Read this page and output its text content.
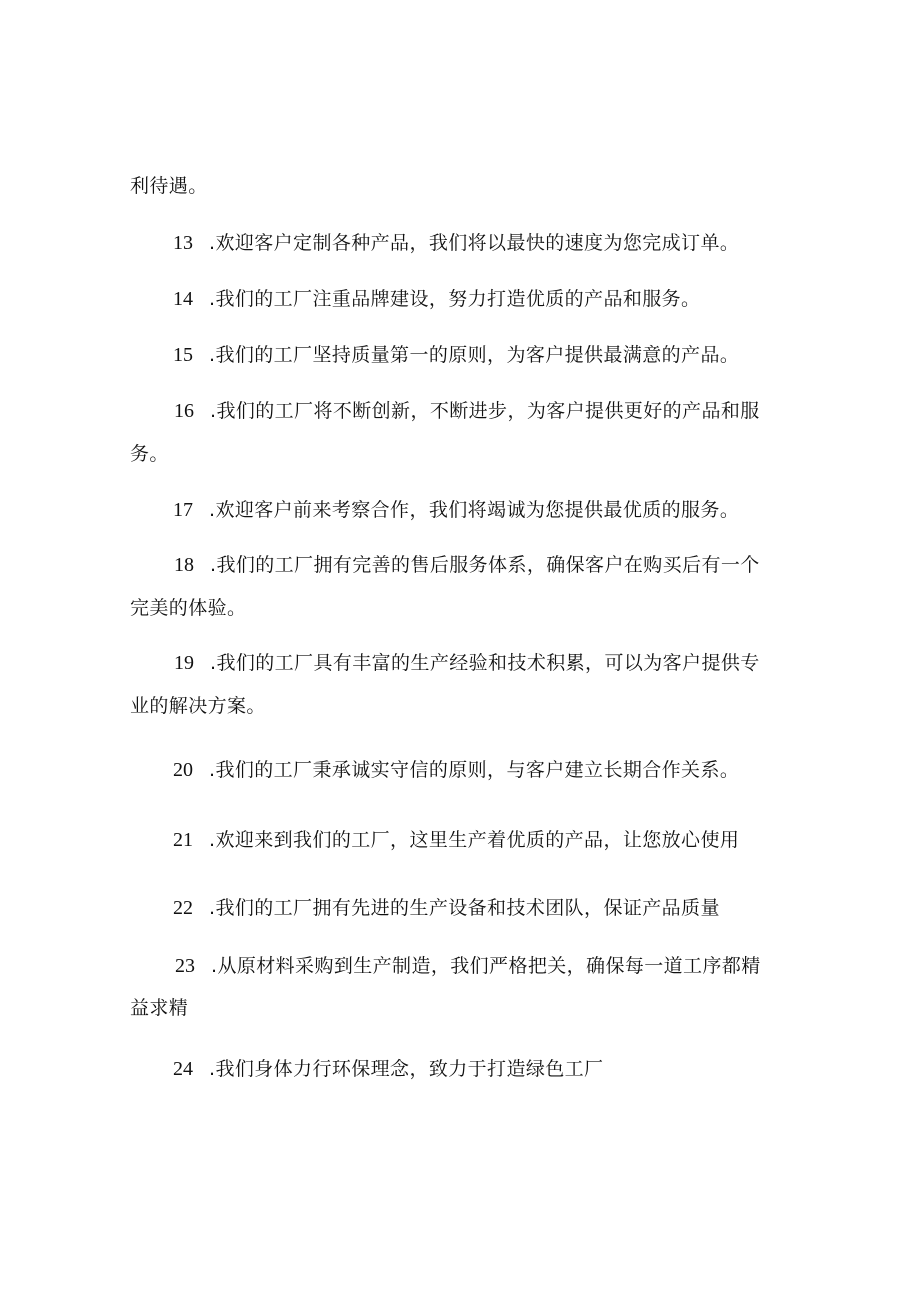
利待遇。
13 .欢迎客户定制各种产品，我们将以最快的速度为您完成订单。
14 .我们的工厂注重品牌建设，努力打造优质的产品和服务。
15 .我们的工厂坚持质量第一的原则，为客户提供最满意的产品。
16 .我们的工厂将不断创新，不断进步，为客户提供更好的产品和服
务。
17 .欢迎客户前来考察合作，我们将竭诚为您提供最优质的服务。
18 .我们的工厂拥有完善的售后服务体系，确保客户在购买后有一个
完美的体验。
19 .我们的工厂具有丰富的生产经验和技术积累，可以为客户提供专
业的解决方案。
20 .我们的工厂秉承诚实守信的原则，与客户建立长期合作关系。
21 .欢迎来到我们的工厂，这里生产着优质的产品，让您放心使用
22 .我们的工厂拥有先进的生产设备和技术团队，保证产品质量
23 .从原材料采购到生产制造，我们严格把关，确保每一道工序都精
益求精
24 .我们身体力行环保理念，致力于打造绿色工厂
